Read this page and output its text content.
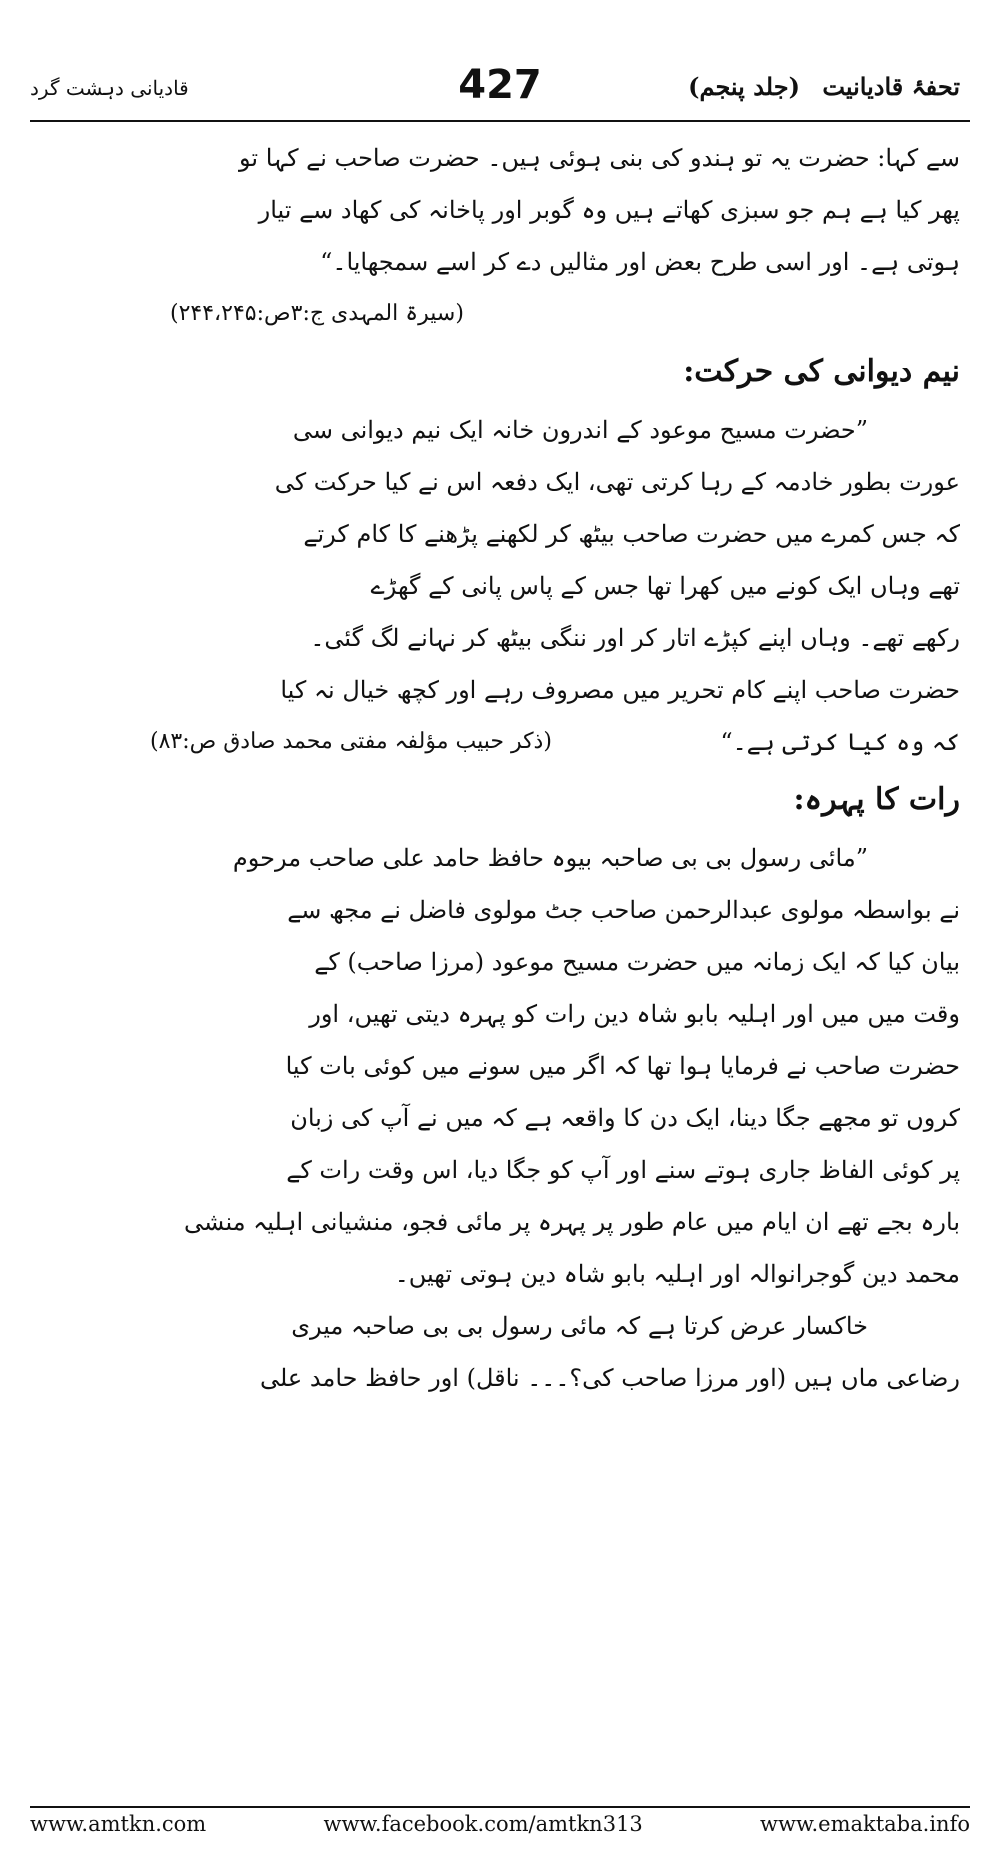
تحفۂ قادیانیت (جلد پنجم)
427
قادیانی دہشت گرد
سے کہا: حضرت یہ تو ہندو کی بنی ہوئی ہیں۔ حضرت صاحب نے کہا تو
پھر کیا ہے ہم جو سبزی کھاتے ہیں وہ گوبر اور پاخانہ کی کھاد سے تیار
ہوتی ہے۔ اور اسی طرح بعض اور مثالیں دے کر اسے سمجھایا۔“
(سیرۃ المہدی ج:۳ص:۲۴۴،۲۴۵)
نیم دیوانی کی حرکت:
”حضرت مسیح موعود کے اندرون خانہ ایک نیم دیوانی سی
عورت بطور خادمہ کے رہا کرتی تھی، ایک دفعہ اس نے کیا حرکت کی
کہ جس کمرے میں حضرت صاحب بیٹھ کر لکھنے پڑھنے کا کام کرتے
تھے وہاں ایک کونے میں کھرا تھا جس کے پاس پانی کے گھڑے
رکھے تھے۔ وہاں اپنے کپڑے اتار کر اور ننگی بیٹھ کر نہانے لگ گئی۔
حضرت صاحب اپنے کام تحریر میں مصروف رہے اور کچھ خیال نہ کیا
کہ وہ کیا کرتی ہے۔“
(ذکر حبیب مؤلفہ مفتی محمد صادق ص:۸۳)
رات کا پہرہ:
”مائی رسول بی بی صاحبہ بیوہ حافظ حامد علی صاحب مرحوم
نے بواسطہ مولوی عبدالرحمن صاحب جٹ مولوی فاضل نے مجھ سے
بیان کیا کہ ایک زمانہ میں حضرت مسیح موعود (مرزا صاحب) کے
وقت میں میں اور اہلیہ بابو شاہ دین رات کو پہرہ دیتی تھیں، اور
حضرت صاحب نے فرمایا ہوا تھا کہ اگر میں سونے میں کوئی بات کیا
کروں تو مجھے جگا دینا، ایک دن کا واقعہ ہے کہ میں نے آپ کی زبان
پر کوئی الفاظ جاری ہوتے سنے اور آپ کو جگا دیا، اس وقت رات کے
بارہ بجے تھے ان ایام میں عام طور پر پہرہ پر مائی فجو، منشیانی اہلیہ منشی
محمد دین گوجرانوالہ اور اہلیہ بابو شاہ دین ہوتی تھیں۔
خاکسار عرض کرتا ہے کہ مائی رسول بی بی صاحبہ میری
رضاعی ماں ہیں (اور مرزا صاحب کی؟۔۔۔ ناقل) اور حافظ حامد علی
www.amtkn.com	www.facebook.com/amtkn313	www.emaktaba.info
